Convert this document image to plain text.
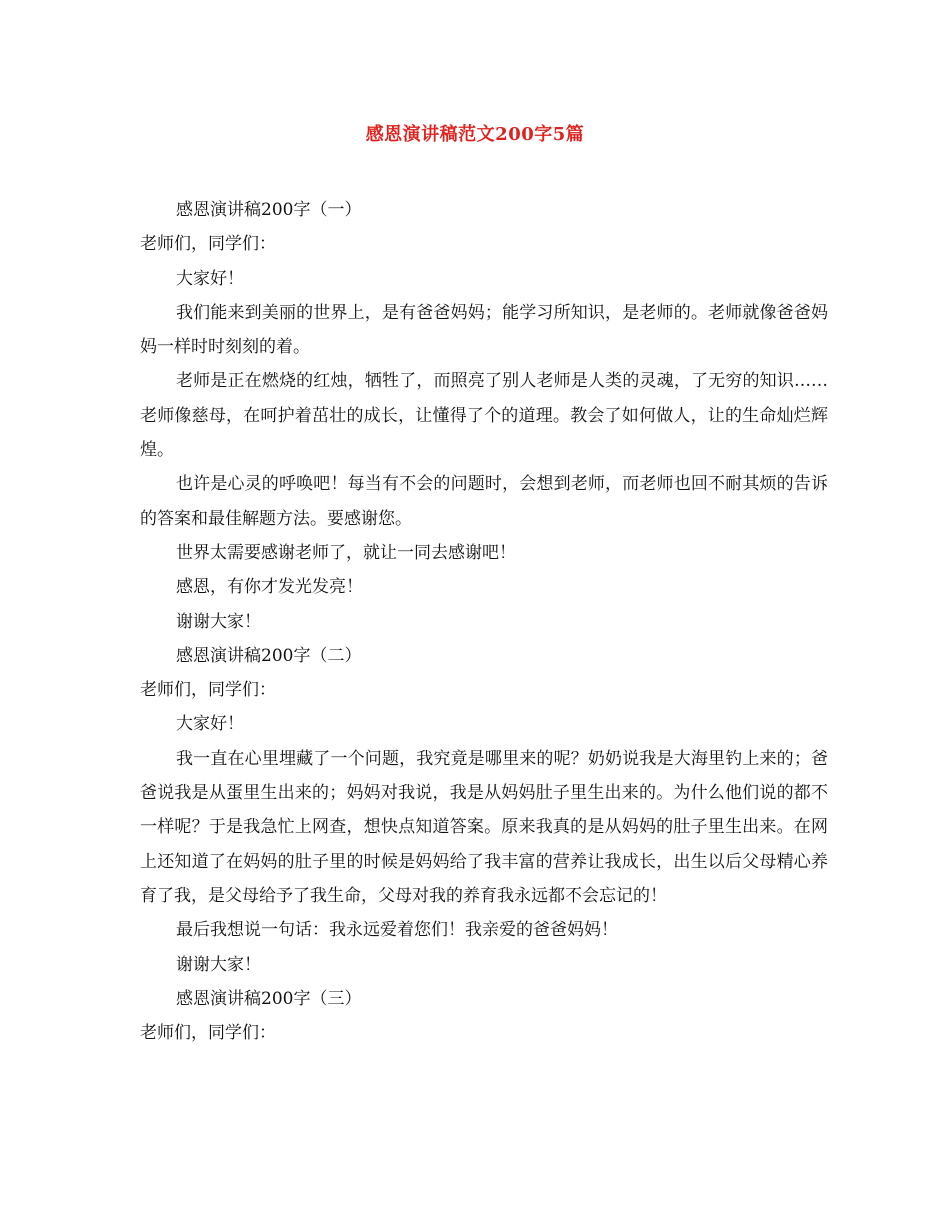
感恩演讲稿范文200字5篇

感恩演讲稿200字（一）

老师们，同学们：

大家好！

我们能来到美丽的世界上，是有爸爸妈妈；能学习所知识，是老师的。老师就像爸爸妈妈一样时时刻刻的着。

老师是正在燃烧的红烛，牺牲了，而照亮了别人老师是人类的灵魂，了无穷的知识……老师像慈母，在呵护着茁壮的成长，让懂得了个的道理。教会了如何做人，让的生命灿烂辉煌。

也许是心灵的呼唤吧！每当有不会的问题时，会想到老师，而老师也回不耐其烦的告诉的答案和最佳解题方法。要感谢您。

世界太需要感谢老师了，就让一同去感谢吧！

感恩，有你才发光发亮！

谢谢大家！

感恩演讲稿200字（二）

老师们，同学们：

大家好！

我一直在心里埋藏了一个问题，我究竟是哪里来的呢？奶奶说我是大海里钓上来的；爸爸说我是从蛋里生出来的；妈妈对我说，我是从妈妈肚子里生出来的。为什么他们说的都不一样呢？于是我急忙上网查，想快点知道答案。原来我真的是从妈妈的肚子里生出来。在网上还知道了在妈妈的肚子里的时候是妈妈给了我丰富的营养让我成长，出生以后父母精心养育了我，是父母给予了我生命，父母对我的养育我永远都不会忘记的！

最后我想说一句话：我永远爱着您们！我亲爱的爸爸妈妈！

谢谢大家！

感恩演讲稿200字（三）

老师们，同学们：
